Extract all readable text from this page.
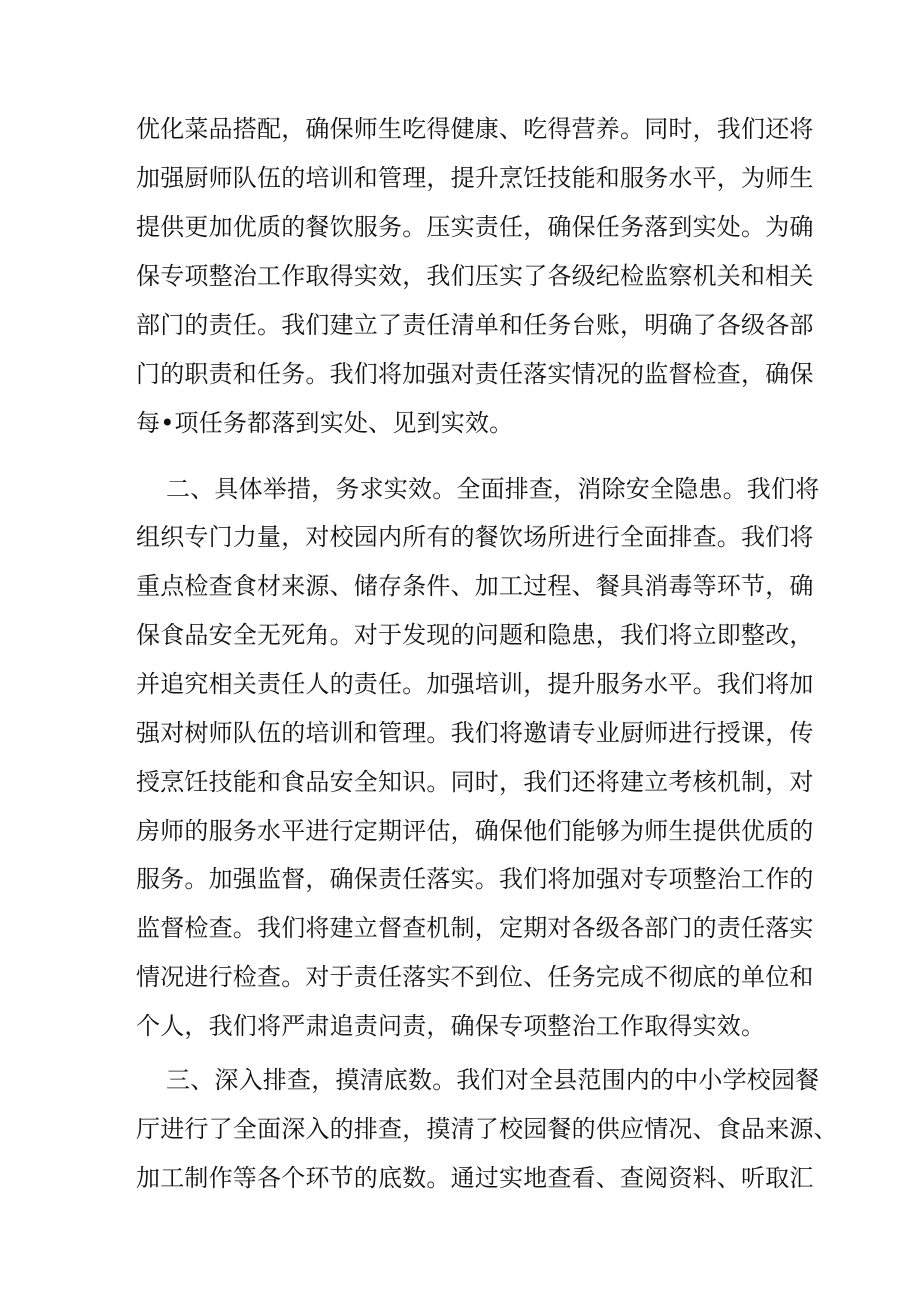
优化菜品搭配，确保师生吃得健康、吃得营养。同时，我们还将
加强厨师队伍的培训和管理，提升烹饪技能和服务水平，为师生
提供更加优质的餐饮服务。压实责任，确保任务落到实处。为确
保专项整治工作取得实效，我们压实了各级纪检监察机关和相关
部门的责任。我们建立了责任清单和任务台账，明确了各级各部
门的职责和任务。我们将加强对责任落实情况的监督检查，确保
每•项任务都落到实处、见到实效。
二、具体举措，务求实效。全面排查，消除安全隐患。我们将
组织专门力量，对校园内所有的餐饮场所进行全面排查。我们将
重点检查食材来源、储存条件、加工过程、餐具消毒等环节，确
保食品安全无死角。对于发现的问题和隐患，我们将立即整改，
并追究相关责任人的责任。加强培训，提升服务水平。我们将加
强对树师队伍的培训和管理。我们将邀请专业厨师进行授课，传
授烹饪技能和食品安全知识。同时，我们还将建立考核机制，对
房师的服务水平进行定期评估，确保他们能够为师生提供优质的
服务。加强监督，确保责任落实。我们将加强对专项整治工作的
监督检查。我们将建立督查机制，定期对各级各部门的责任落实
情况进行检查。对于责任落实不到位、任务完成不彻底的单位和
个人，我们将严肃追责问责，确保专项整治工作取得实效。
三、深入排查，摸清底数。我们对全县范围内的中小学校园餐
厅进行了全面深入的排查，摸清了校园餐的供应情况、食品来源、
加工制作等各个环节的底数。通过实地查看、查阅资料、听取汇
